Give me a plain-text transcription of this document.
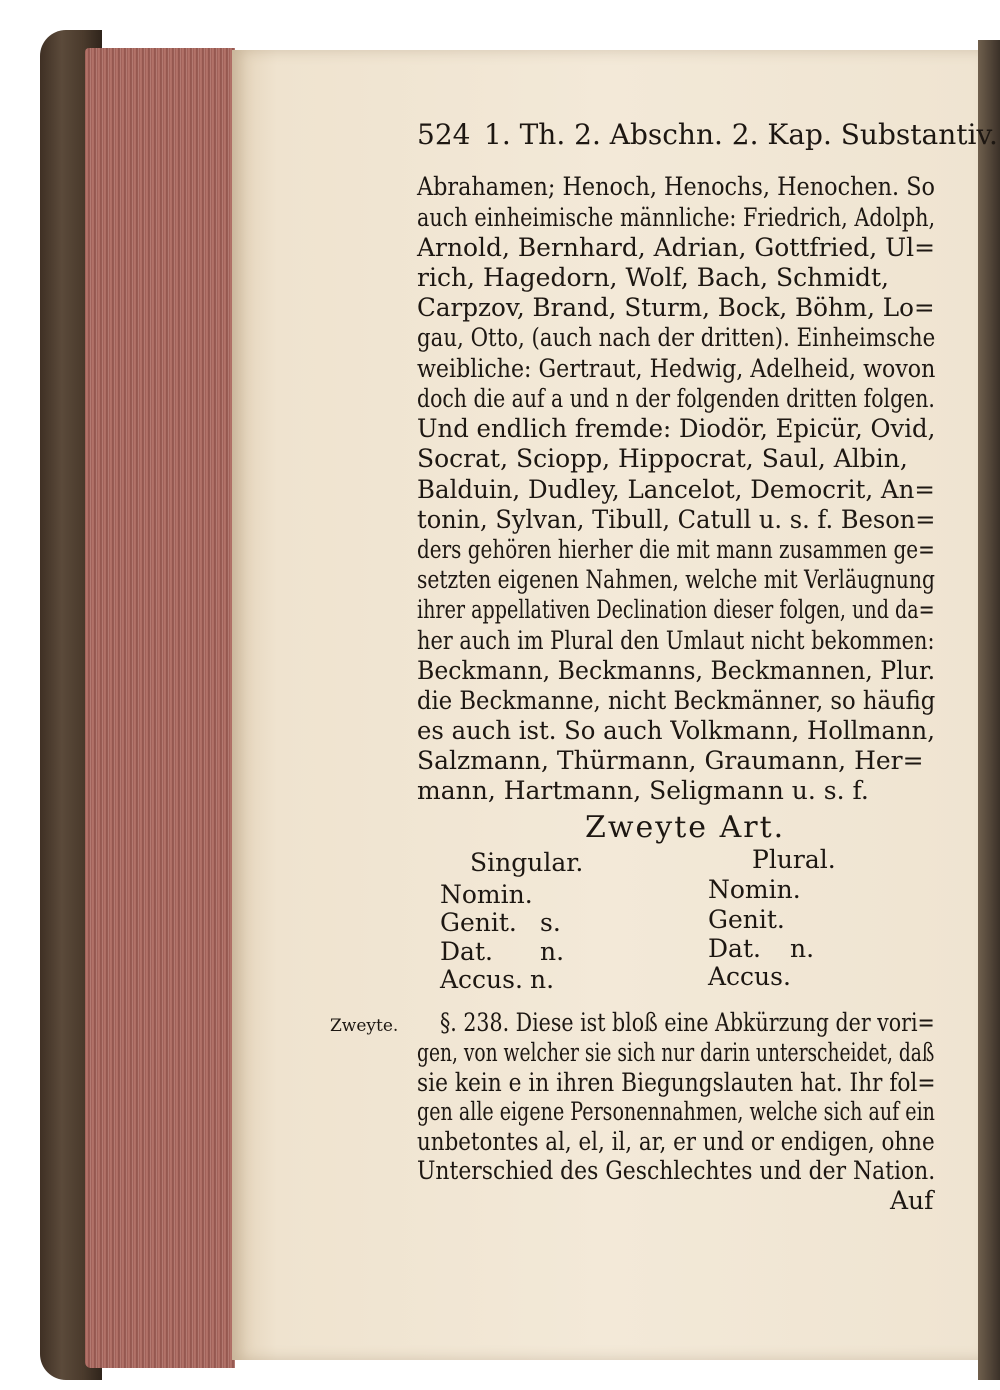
524 1. Th. 2. Abschn. 2. Kap. Substantiv.
Abrahamen; Henoch, Henochs, Henochen. So
auch einheimische männliche: Friedrich, Adolph,
Arnold, Bernhard, Adrian, Gottfried, Ul=
rich, Hagedorn, Wolf, Bach, Schmidt,
Carpzov, Brand, Sturm, Bock, Böhm, Lo=
gau, Otto, (auch nach der dritten). Einheimsche
weibliche: Gertraut, Hedwig, Adelheid, wovon
doch die auf a und n der folgenden dritten folgen.
Und endlich fremde: Diodör, Epicür, Ovid,
Socrat, Sciopp, Hippocrat, Saul, Albin,
Balduin, Dudley, Lancelot, Democrit, An=
tonin, Sylvan, Tibull, Catull u. s. f. Beson=
ders gehören hierher die mit mann zusammen ge=
setzten eigenen Nahmen, welche mit Verläugnung
ihrer appellativen Declination dieser folgen, und da=
her auch im Plural den Umlaut nicht bekommen:
Beckmann, Beckmanns, Beckmannen, Plur.
die Beckmanne, nicht Beckmänner, so häufig
es auch ist. So auch Volkmann, Hollmann,
Salzmann, Thürmann, Graumann, Her=
mann, Hartmann, Seligmann u. s. f.
Zweyte Art.
Singular.	Plural.
Nomin.	Nomin.
Genit. s.	Genit.
Dat. n.	Dat. n.
Accus. n.	Accus.
Zweyte. §. 238. Diese ist bloß eine Abkürzung der vori=
gen, von welcher sie sich nur darin unterscheidet, daß
sie kein e in ihren Biegungslauten hat. Ihr fol=
gen alle eigene Personennahmen, welche sich auf ein
unbetontes al, el, il, ar, er und or endigen, ohne
Unterschied des Geschlechtes und der Nation.
Auf
